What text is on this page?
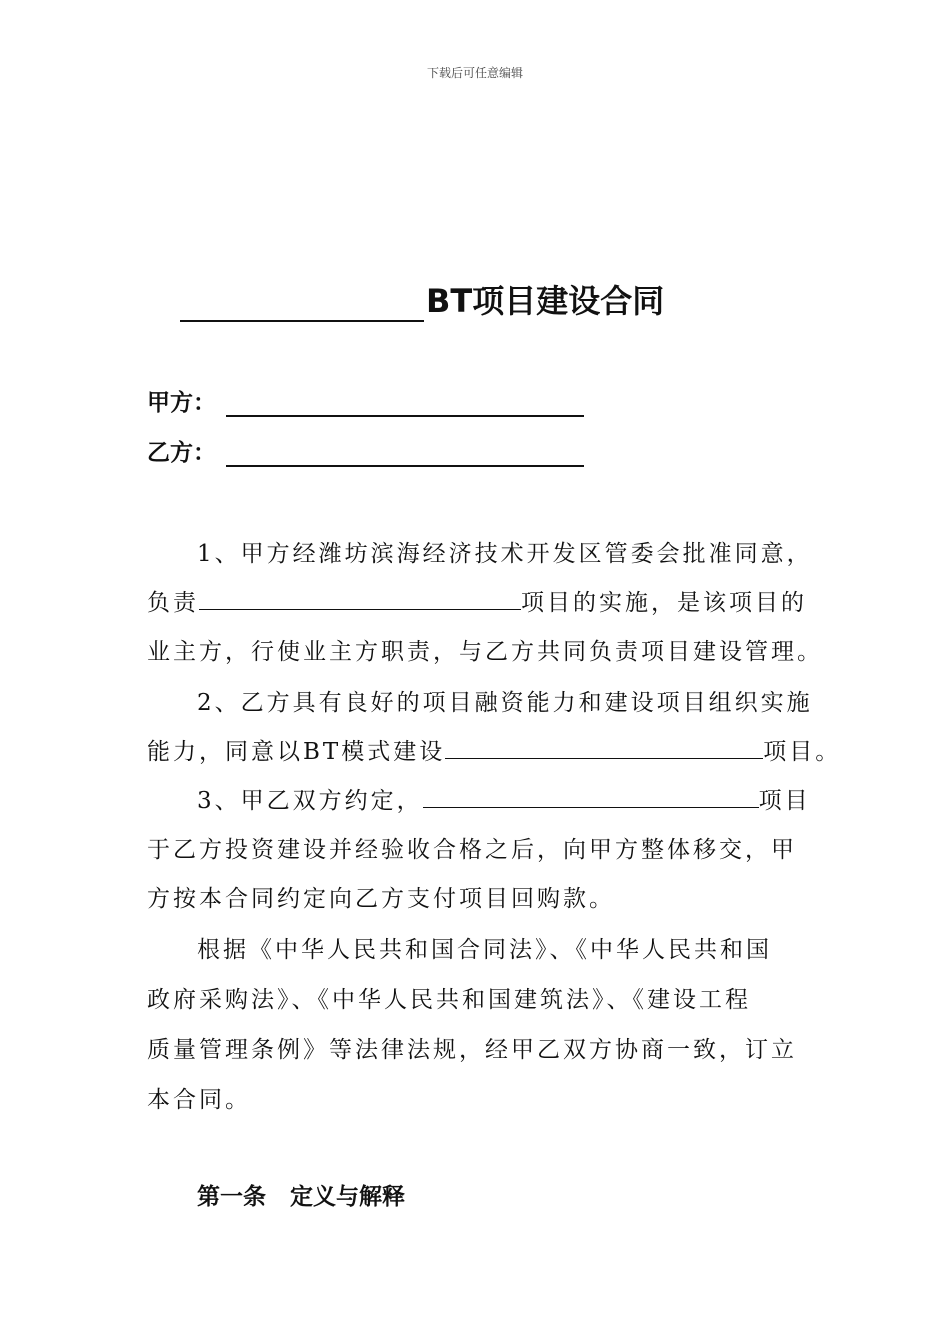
下载后可任意编辑
BT项目建设合同
甲方：
乙方：
1、甲方经潍坊滨海经济技术开发区管委会批准同意，
负责	项目的实施，是该项目的
业主方，行使业主方职责，与乙方共同负责项目建设管理。
2、乙方具有良好的项目融资能力和建设项目组织实施
能力，同意以BT模式建设	项目。
3、甲乙双方约定，	项目
于乙方投资建设并经验收合格之后，向甲方整体移交，甲
方按本合同约定向乙方支付项目回购款。
根据《中华人民共和国合同法》、《中华人民共和国
政府采购法》、《中华人民共和国建筑法》、《建设工程
质量管理条例》等法律法规，经甲乙双方协商一致，订立
本合同。
第一条 定义与解释
